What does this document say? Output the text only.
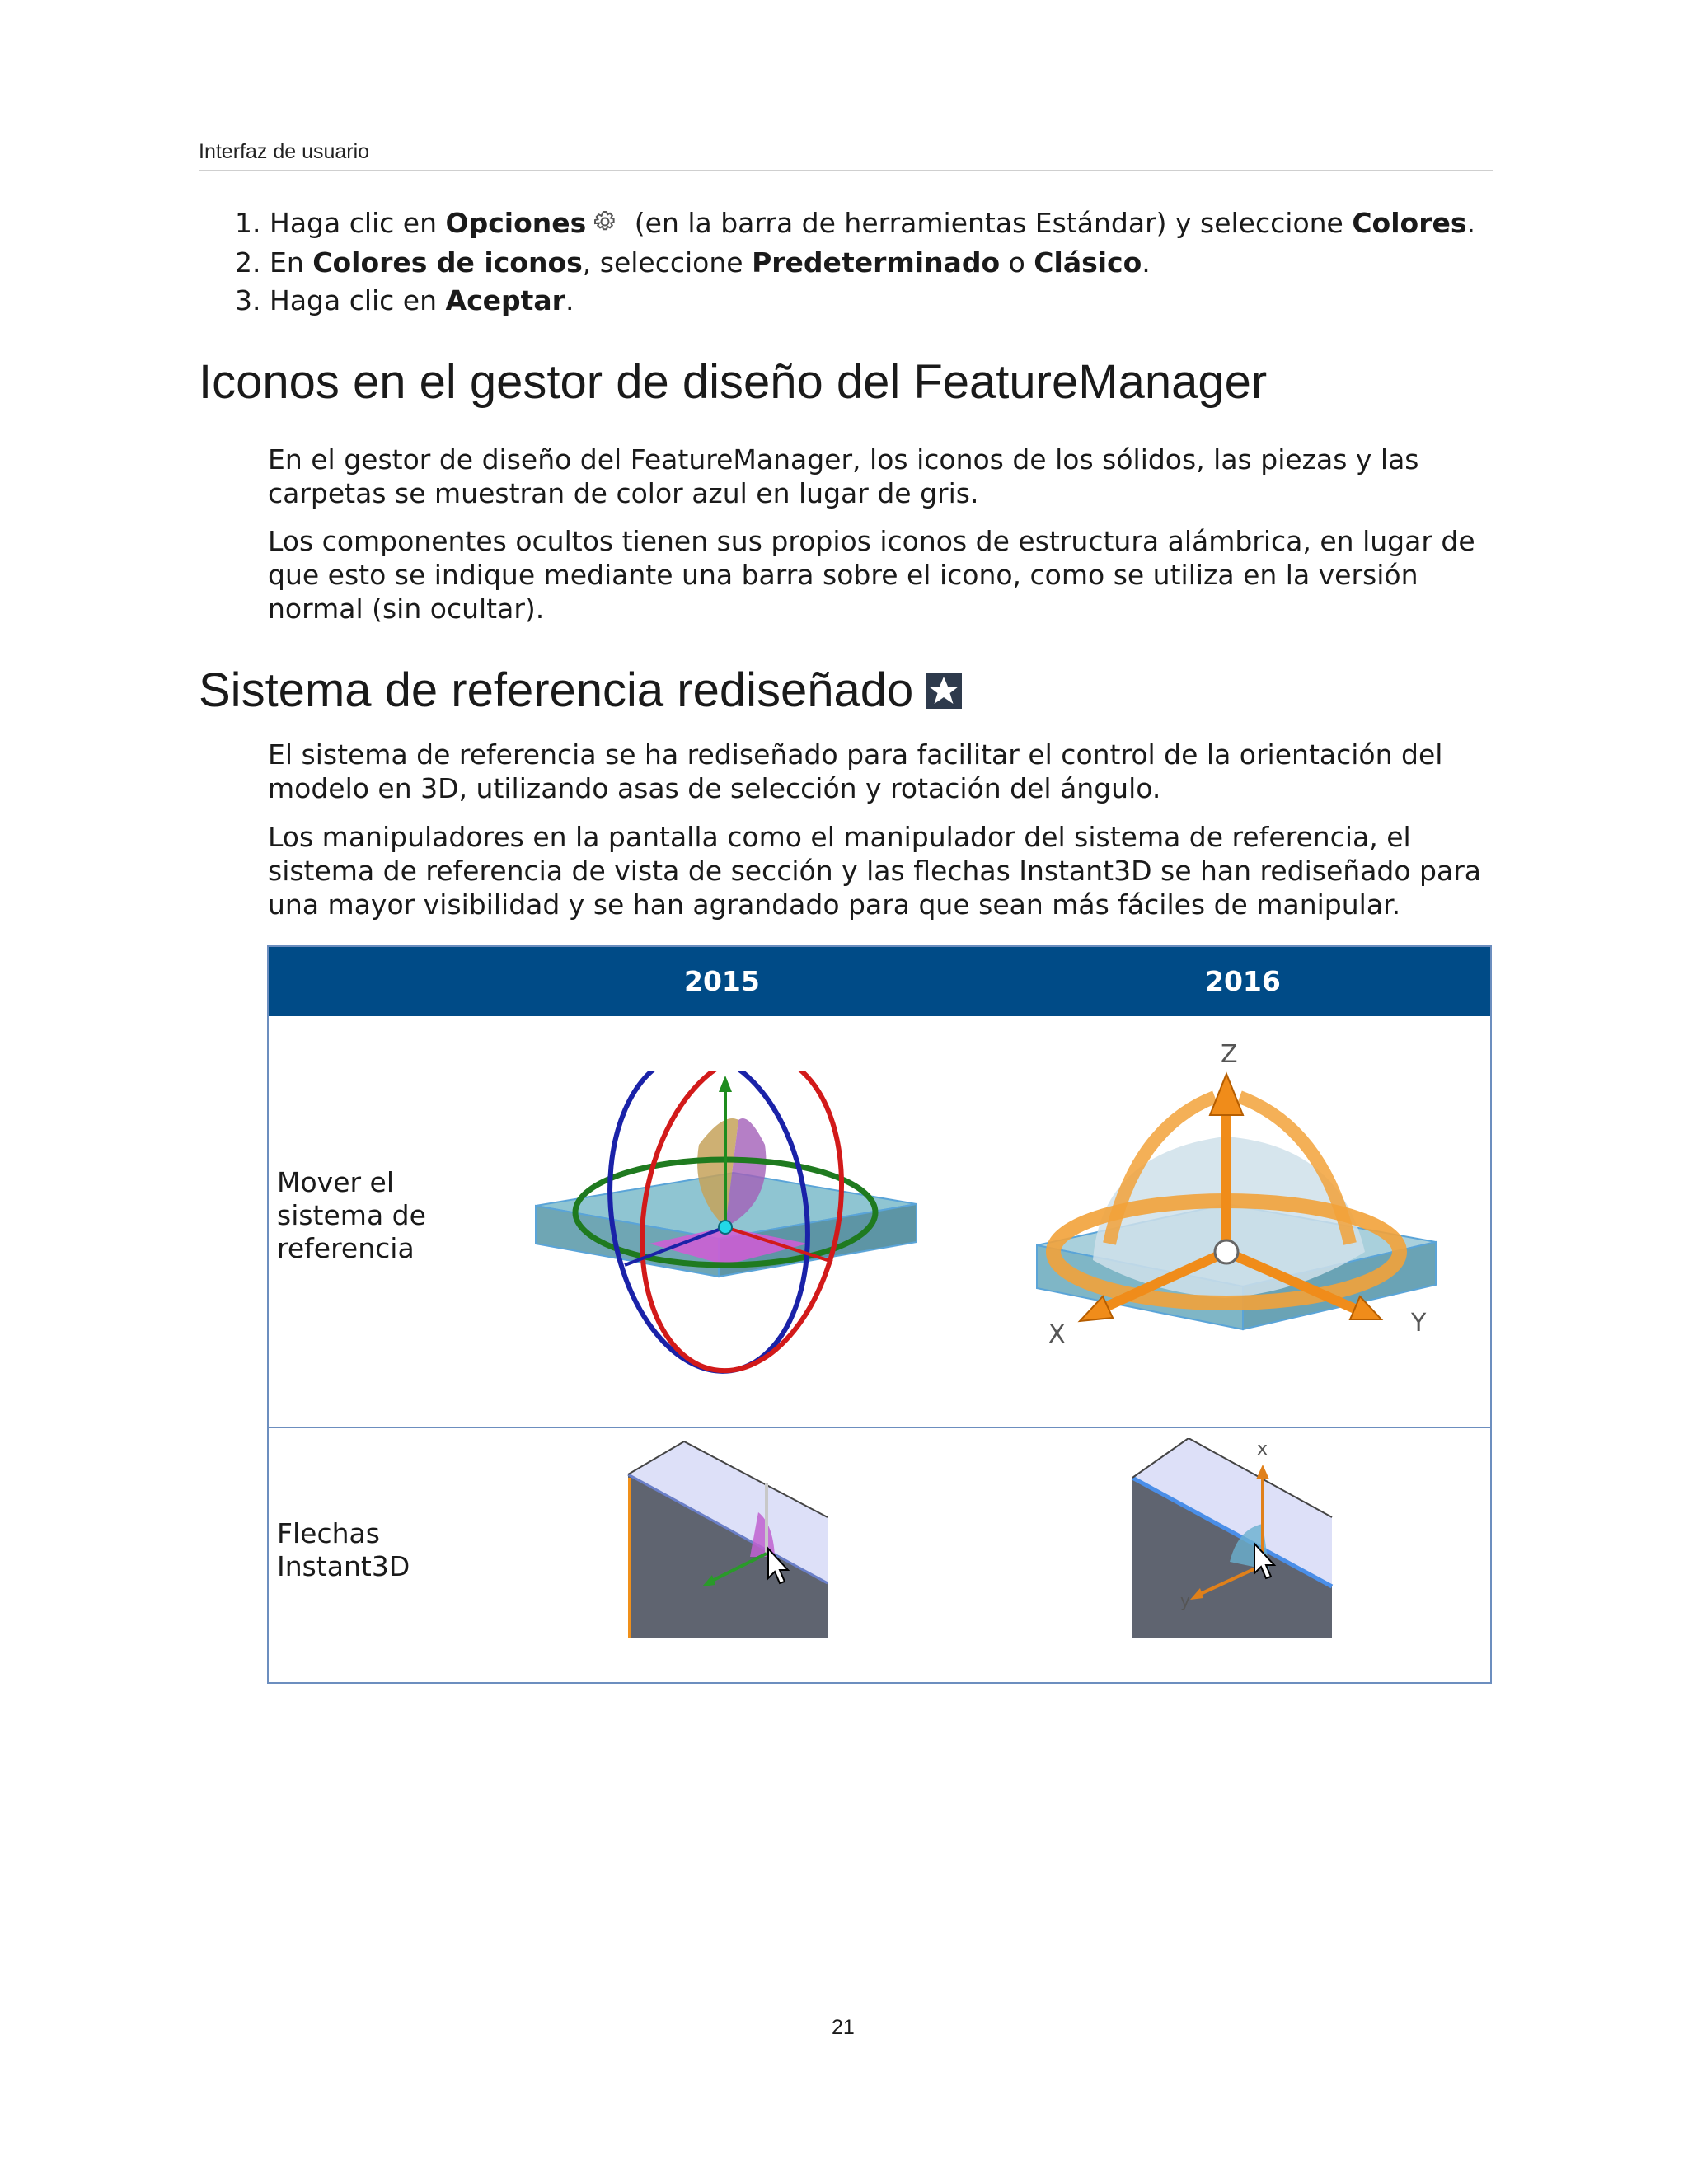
Interfaz de usuario
1. Haga clic en Opciones (en la barra de herramientas Estándar) y seleccione Colores.
2. En Colores de iconos, seleccione Predeterminado o Clásico.
3. Haga clic en Aceptar.
Iconos en el gestor de diseño del FeatureManager

En el gestor de diseño del FeatureManager, los iconos de los sólidos, las piezas y las
carpetas se muestran de color azul en lugar de gris.

Los componentes ocultos tienen sus propios iconos de estructura alámbrica, en lugar de
que esto se indique mediante una barra sobre el icono, como se utiliza en la versión
normal (sin ocultar).

Sistema de referencia rediseñado

El sistema de referencia se ha rediseñado para facilitar el control de la orientación del
modelo en 3D, utilizando asas de selección y rotación del ángulo.

Los manipuladores en la pantalla como el manipulador del sistema de referencia, el
sistema de referencia de vista de sección y las flechas Instant3D se han rediseñado para
una mayor visibilidad y se han agrandado para que sean más fáciles de manipular.

2015	2016
Mover el
sistema de
referencia
Flechas
Instant3D
Z
X	Y
x
y
21
